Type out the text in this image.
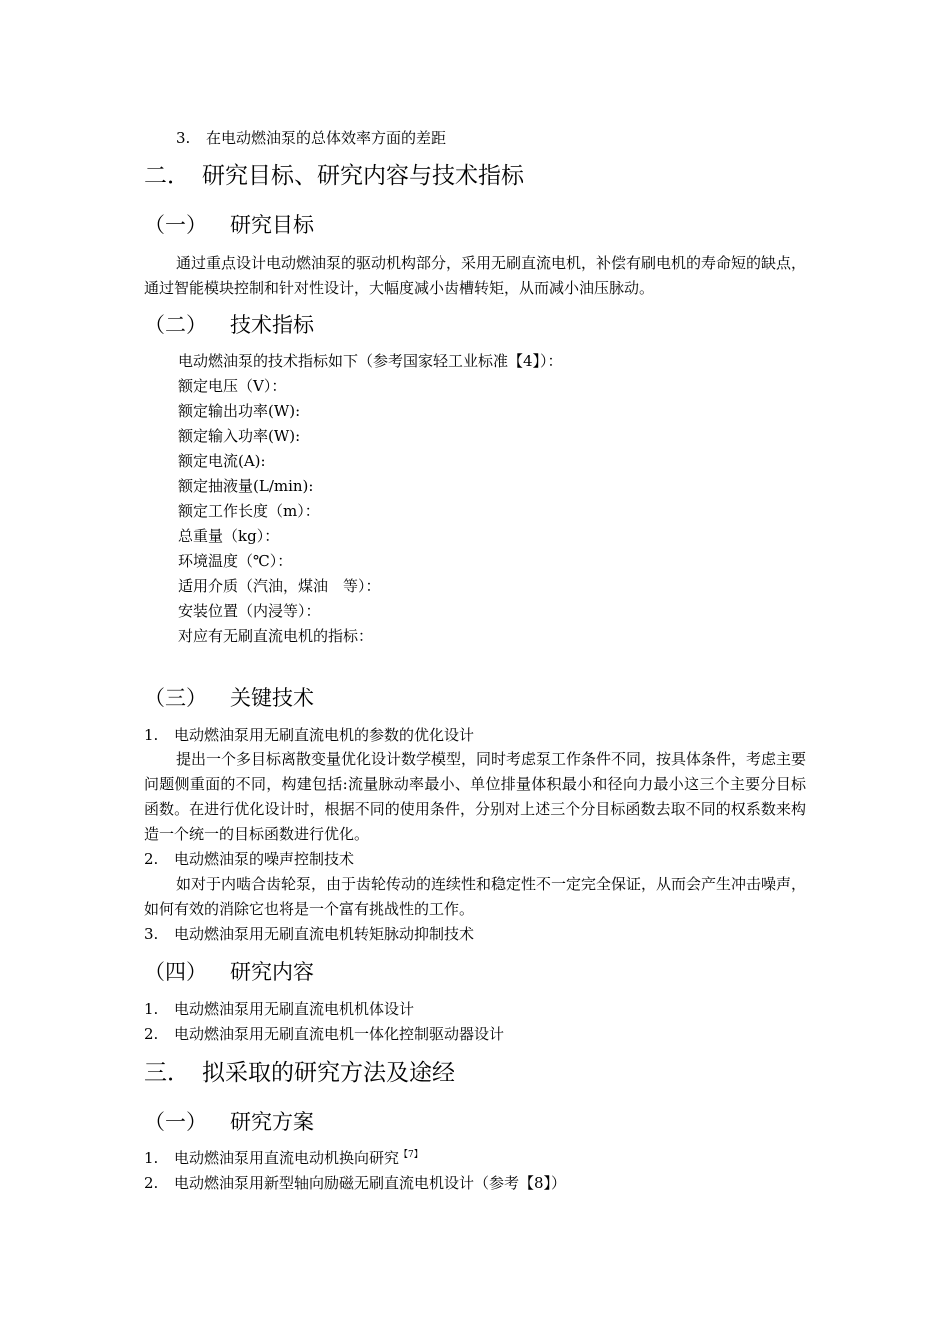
3. 在电动燃油泵的总体效率方面的差距
二． 研究目标、研究内容与技术指标
（一） 研究目标
通过重点设计电动燃油泵的驱动机构部分，采用无刷直流电机，补偿有刷电机的寿命短的缺点，通过智能模块控制和针对性设计，大幅度减小齿槽转矩，从而减小油压脉动。
（二） 技术指标
电动燃油泵的技术指标如下（参考国家轻工业标准【4】）：
额定电压（V）：
额定输出功率(W):
额定输入功率(W):
额定电流(A):
额定抽液量(L/min):
额定工作长度（m）：
总重量（kg）：
环境温度（℃）：
适用介质（汽油，煤油　等）：
安装位置（内浸等）：
对应有无刷直流电机的指标：
（三） 关键技术
1. 电动燃油泵用无刷直流电机的参数的优化设计
提出一个多目标离散变量优化设计数学模型，同时考虑泵工作条件不同，按具体条件，考虑主要问题侧重面的不同，构建包括:流量脉动率最小、单位排量体积最小和径向力最小这三个主要分目标函数。在进行优化设计时，根据不同的使用条件，分别对上述三个分目标函数去取不同的权系数来构造一个统一的目标函数进行优化。
2. 电动燃油泵的噪声控制技术
如对于内啮合齿轮泵，由于齿轮传动的连续性和稳定性不一定完全保证，从而会产生冲击噪声，如何有效的消除它也将是一个富有挑战性的工作。
3. 电动燃油泵用无刷直流电机转矩脉动抑制技术
（四） 研究内容
1. 电动燃油泵用无刷直流电机机体设计
2. 电动燃油泵用无刷直流电机一体化控制驱动器设计
三． 拟采取的研究方法及途经
（一） 研究方案
1. 电动燃油泵用直流电动机换向研究$^{【7】}$
2. 电动燃油泵用新型轴向励磁无刷直流电机设计（参考【8】）
